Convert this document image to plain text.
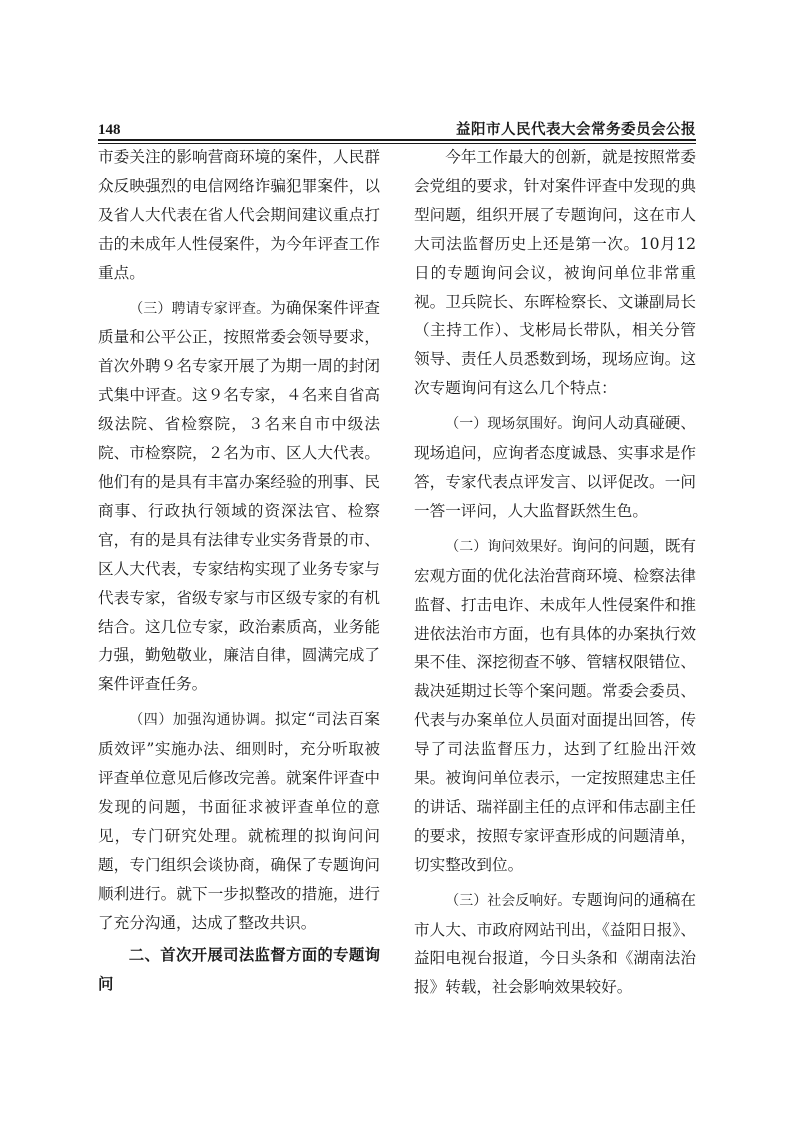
148	益阳市人民代表大会常务委员会公报

市委关注的影响营商环境的案件，人民群众反映强烈的电信网络诈骗犯罪案件，以及省人大代表在省人代会期间建议重点打击的未成年人性侵案件，为今年评查工作重点。

（三）聘请专家评查。为确保案件评查质量和公平公正，按照常委会领导要求，首次外聘９名专家开展了为期一周的封闭式集中评查。这９名专家，４名来自省高级法院、省检察院，３名来自市中级法院、市检察院，２名为市、区人大代表。他们有的是具有丰富办案经验的刑事、民商事、行政执行领域的资深法官、检察官，有的是具有法律专业实务背景的市、区人大代表，专家结构实现了业务专家与代表专家，省级专家与市区级专家的有机结合。这几位专家，政治素质高，业务能力强，勤勉敬业，廉洁自律，圆满完成了案件评查任务。

（四）加强沟通协调。拟定“司法百案质效评”实施办法、细则时，充分听取被评查单位意见后修改完善。就案件评查中发现的问题，书面征求被评查单位的意见，专门研究处理。就梳理的拟询问问题，专门组织会谈协商，确保了专题询问顺利进行。就下一步拟整改的措施，进行了充分沟通，达成了整改共识。

二、首次开展司法监督方面的专题询问

今年工作最大的创新，就是按照常委会党组的要求，针对案件评查中发现的典型问题，组织开展了专题询问，这在市人大司法监督历史上还是第一次。10月12日的专题询问会议，被询问单位非常重视。卫兵院长、东晖检察长、文谦副局长（主持工作）、戈彬局长带队，相关分管领导、责任人员悉数到场，现场应询。这次专题询问有这么几个特点：

（一）现场氛围好。询问人动真碰硬、现场追问，应询者态度诚恳、实事求是作答，专家代表点评发言、以评促改。一问一答一评问，人大监督跃然生色。

（二）询问效果好。询问的问题，既有宏观方面的优化法治营商环境、检察法律监督、打击电诈、未成年人性侵案件和推进依法治市方面，也有具体的办案执行效果不佳、深挖彻查不够、管辖权限错位、裁决延期过长等个案问题。常委会委员、代表与办案单位人员面对面提出回答，传导了司法监督压力，达到了红脸出汗效果。被询问单位表示，一定按照建忠主任的讲话、瑞祥副主任的点评和伟志副主任的要求，按照专家评查形成的问题清单，切实整改到位。

（三）社会反响好。专题询问的通稿在市人大、市政府网站刊出，《益阳日报》、益阳电视台报道，今日头条和《湖南法治报》转载，社会影响效果较好。
